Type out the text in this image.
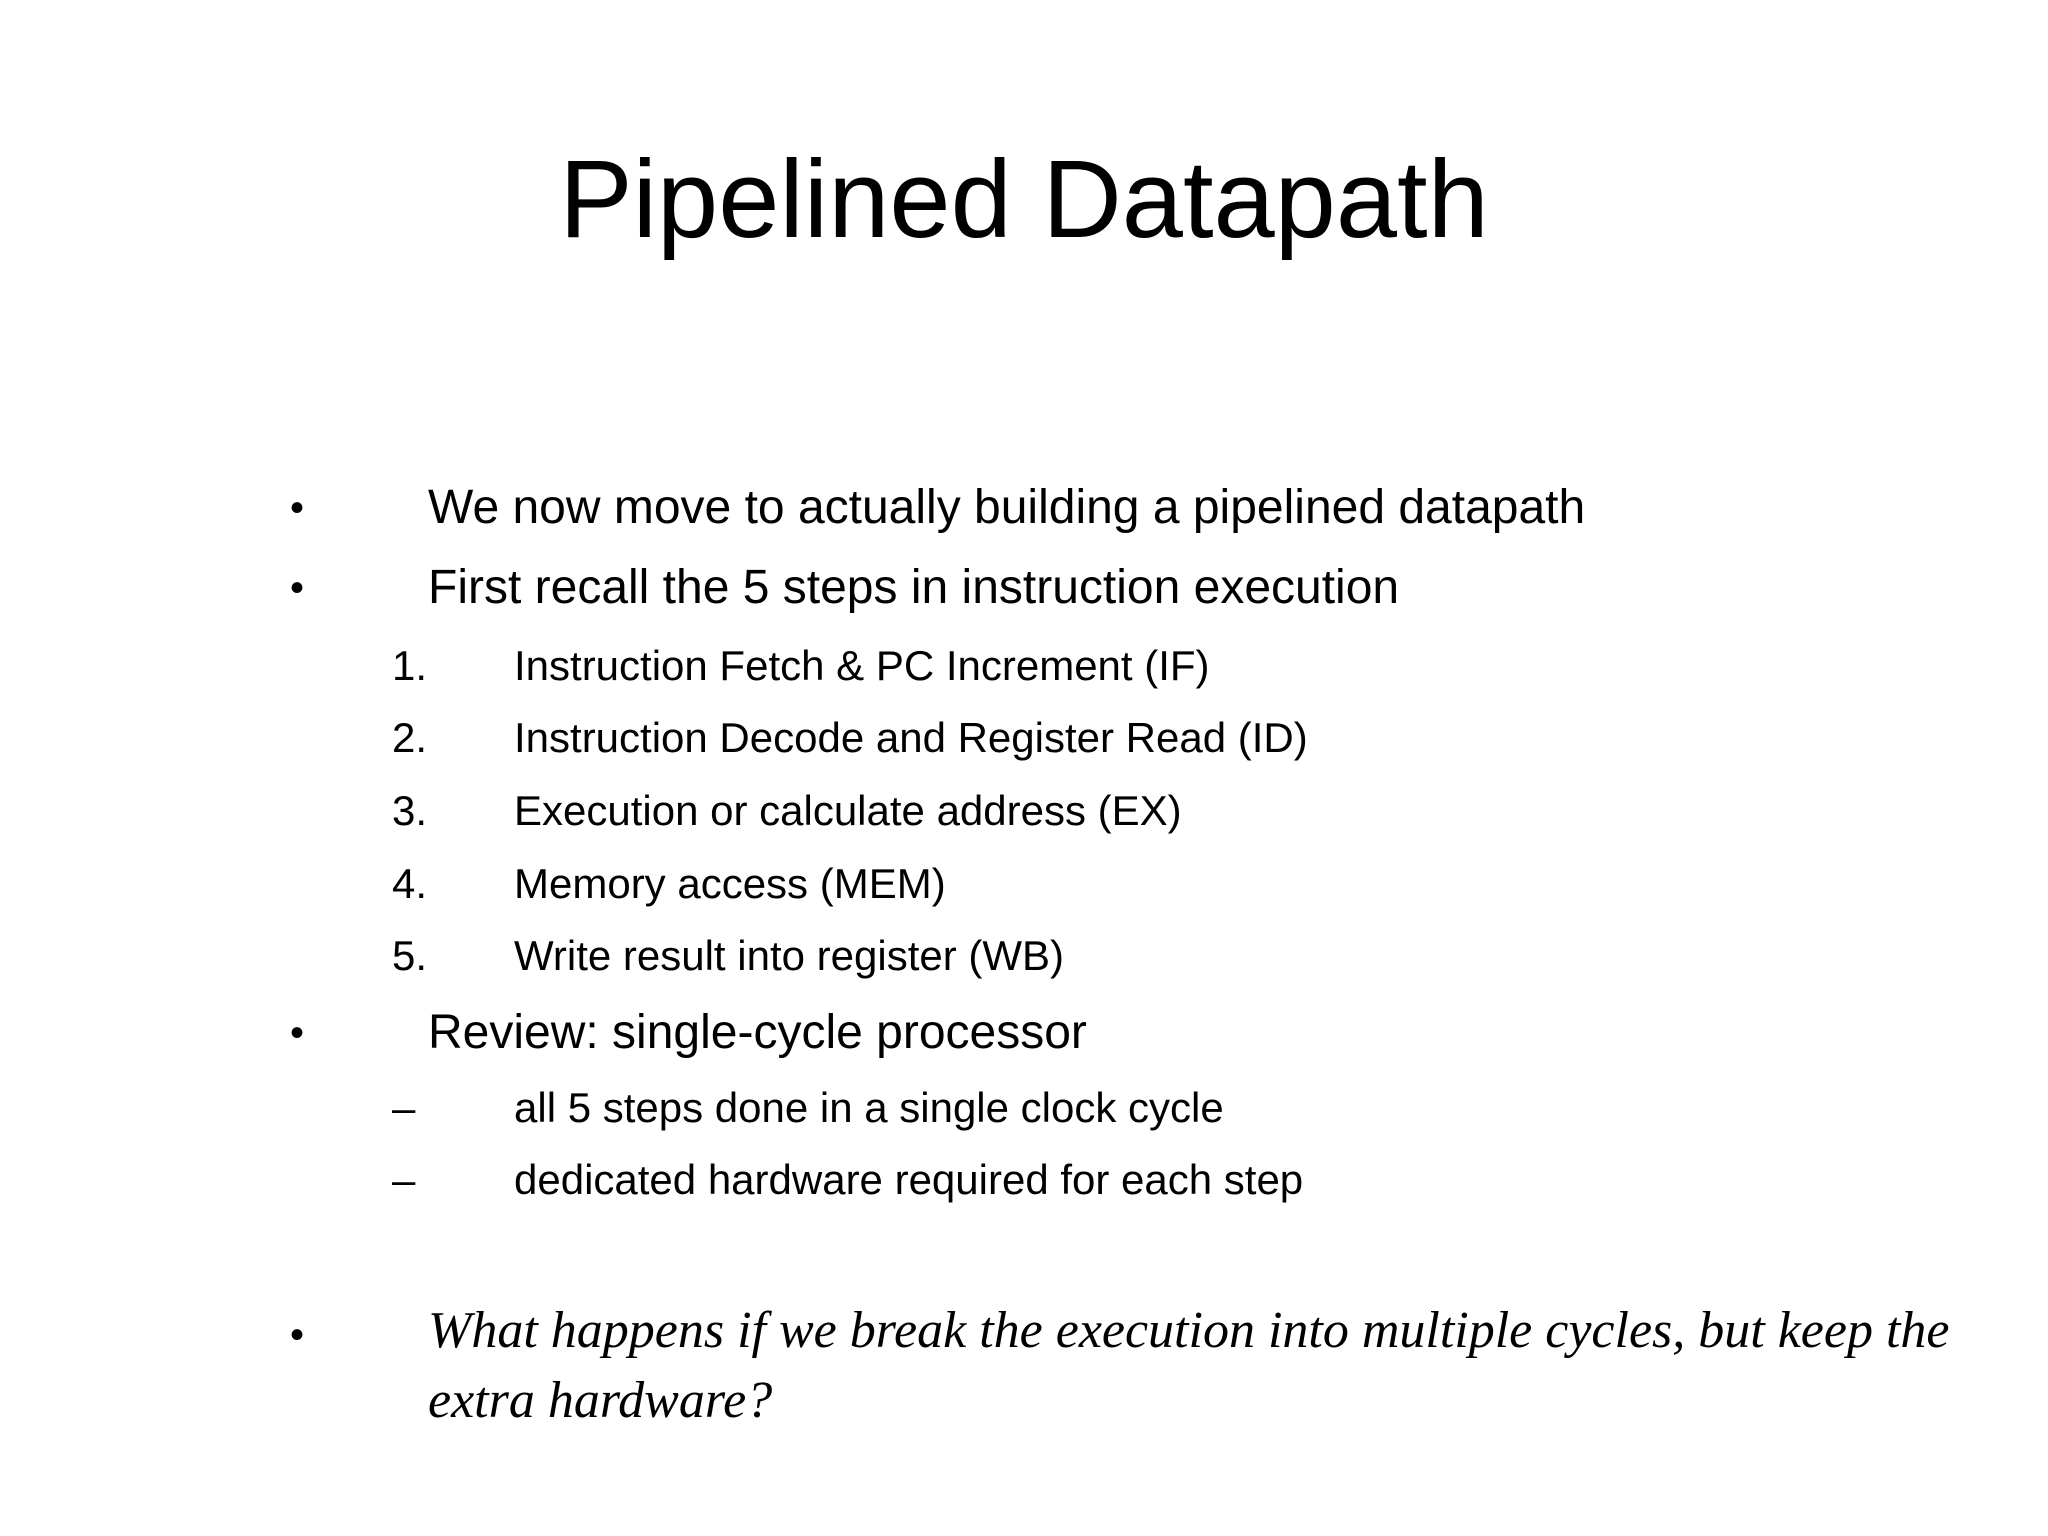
Pipelined Datapath
•	We now move to actually building a pipelined datapath
•	First recall the 5 steps in instruction execution
1. Instruction Fetch & PC Increment (IF)
2. Instruction Decode and Register Read (ID)
3. Execution or calculate address (EX)
4. Memory access (MEM)
5. Write result into register (WB)
•	Review: single-cycle processor
– all 5 steps done in a single clock cycle
– dedicated hardware required for each step
• What happens if we break the execution into multiple cycles, but keep the extra hardware?
